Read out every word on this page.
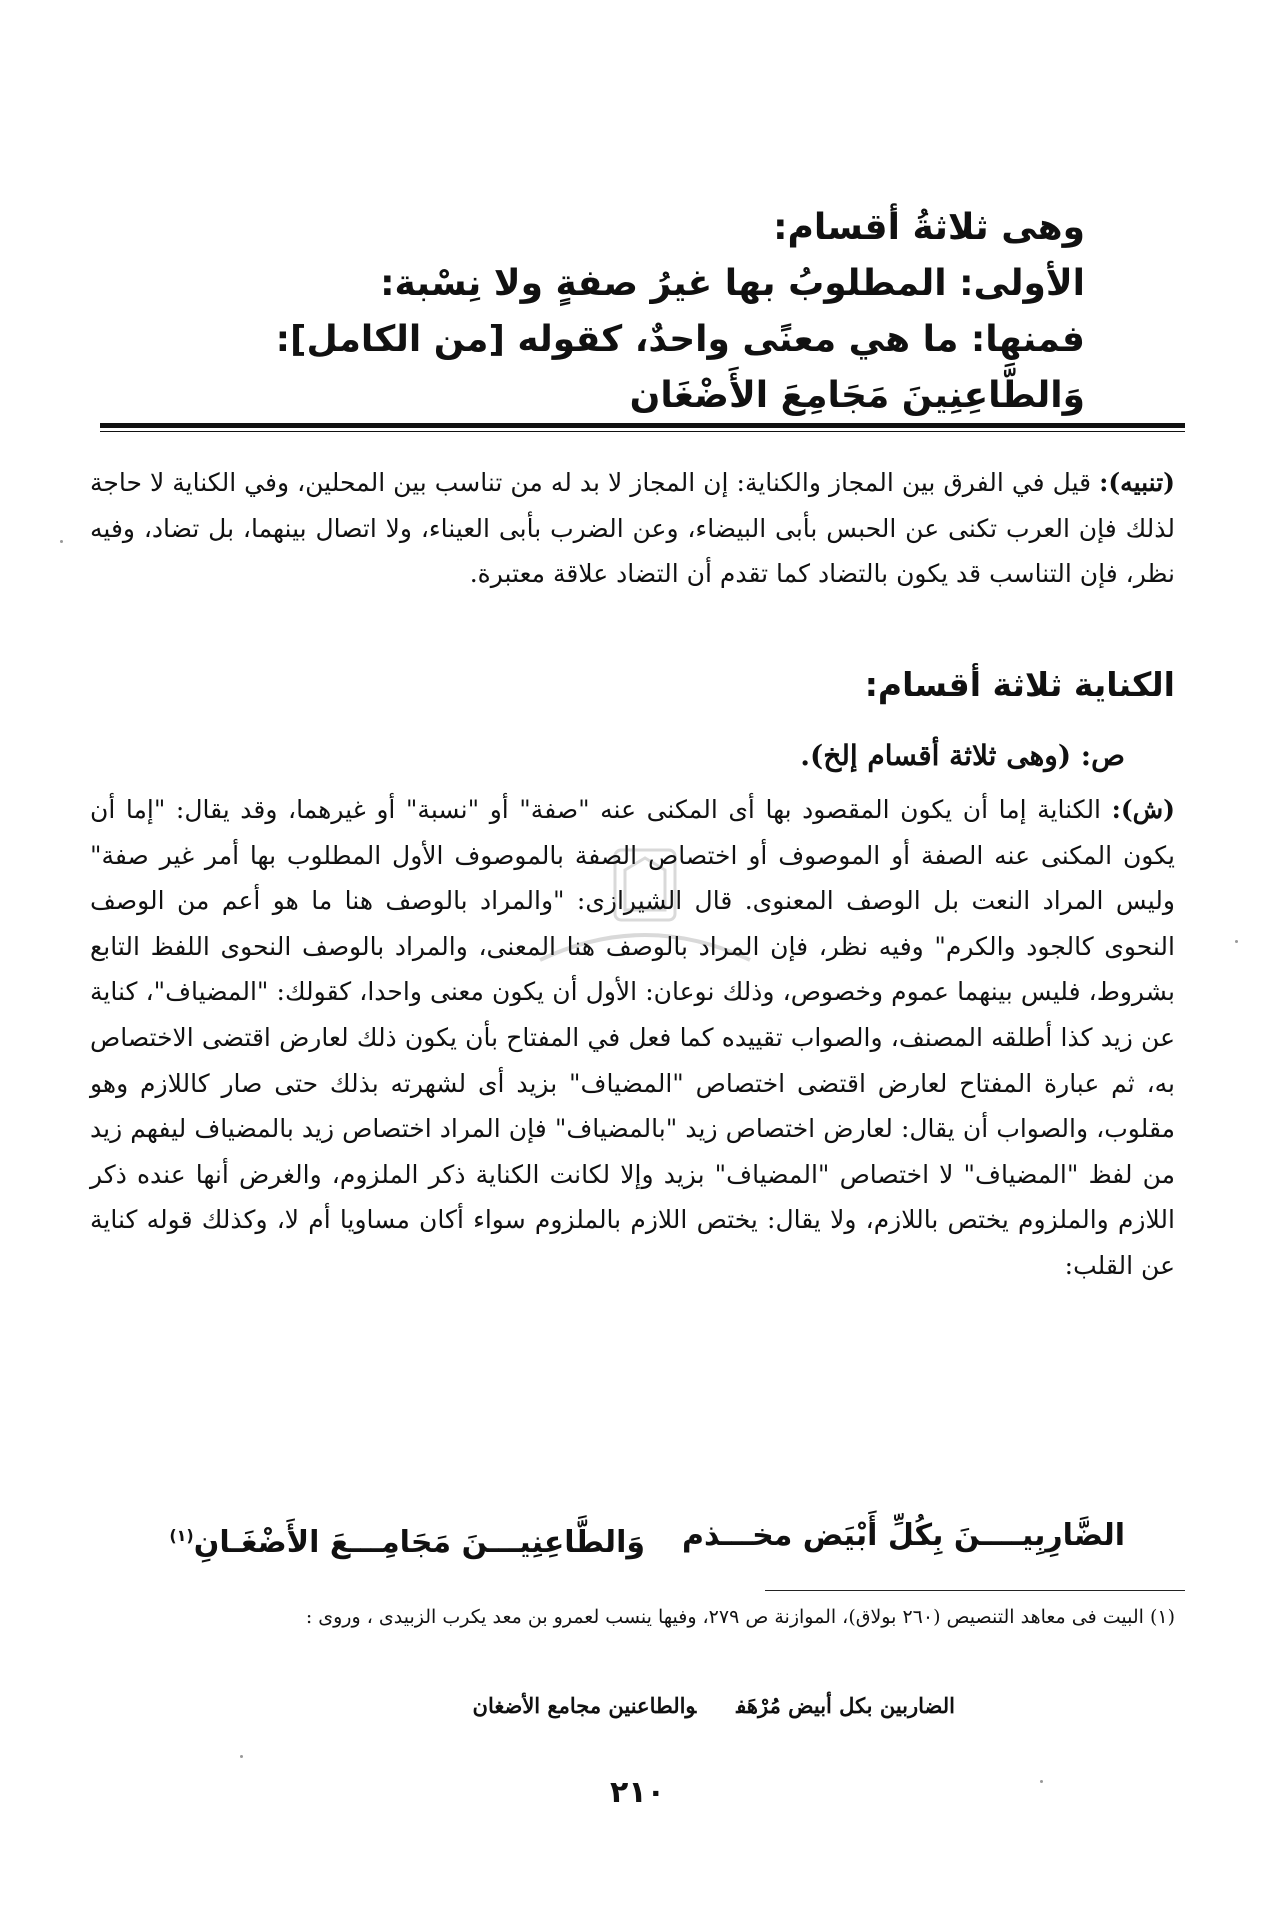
وهى ثلاثةُ أقسام:
الأولى: المطلوبُ بها غيرُ صفةٍ ولا نِسْبة:
فمنها: ما هي معنًى واحدٌ، كقوله [من الكامل]:
وَالطَّاعِنِينَ مَجَامِعَ الأَضْغَان

(تنبيه): قيل في الفرق بين المجاز والكناية: إن المجاز لا بد له من تناسب بين المحلين، وفي الكناية لا حاجة لذلك فإن العرب تكنى عن الحبس بأبى البيضاء، وعن الضرب بأبى العيناء، ولا اتصال بينهما، بل تضاد، وفيه نظر، فإن التناسب قد يكون بالتضاد كما تقدم أن التضاد علاقة معتبرة.

الكناية ثلاثة أقسام:
ص: (وهى ثلاثة أقسام إلخ).

(ش): الكناية إما أن يكون المقصود بها أى المكنى عنه "صفة" أو "نسبة" أو غيرهما، وقد يقال: "إما أن يكون المكنى عنه الصفة أو الموصوف أو اختصاص الصفة بالموصوف الأول المطلوب بها أمر غير صفة" وليس المراد النعت بل الوصف المعنوى. قال الشيرازى: "والمراد بالوصف هنا ما هو أعم من الوصف النحوى كالجود والكرم" وفيه نظر، فإن المراد بالوصف هنا المعنى، والمراد بالوصف النحوى اللفظ التابع بشروط، فليس بينهما عموم وخصوص، وذلك نوعان: الأول أن يكون معنى واحدا، كقولك: "المضياف"، كناية عن زيد كذا أطلقه المصنف، والصواب تقييده كما فعل في المفتاح بأن يكون ذلك لعارض اقتضى الاختصاص به، ثم عبارة المفتاح لعارض اقتضى اختصاص "المضياف" بزيد أى لشهرته بذلك حتى صار كاللازم وهو مقلوب، والصواب أن يقال: لعارض اختصاص زيد "بالمضياف" فإن المراد اختصاص زيد بالمضياف ليفهم زيد من لفظ "المضياف" لا اختصاص "المضياف" بزيد وإلا لكانت الكناية ذكر الملزوم، والغرض أنها عنده ذكر اللازم والملزوم يختص باللازم، ولا يقال: يختص اللازم بالملزوم سواء أكان مساويا أم لا، وكذلك قوله كناية عن القلب:

الضَّارِبِيــــنَ بِكُلِّ أَبْيَض مخـــذم
وَالطَّاعِنِيـــنَ مَجَامِـــعَ الأَضْغَـانِ$^{(١)}$
(١) البيت فى معاهد التنصيص (٢٦٠ بولاق)، الموازنة ص ٢٧٩، وفيها ينسب لعمرو بن معد يكرب الزبيدى ، وروى :
الضاربين بكل أبيض مُرْهَفوالطاعنين مجامع الأضغان
٢١٠
